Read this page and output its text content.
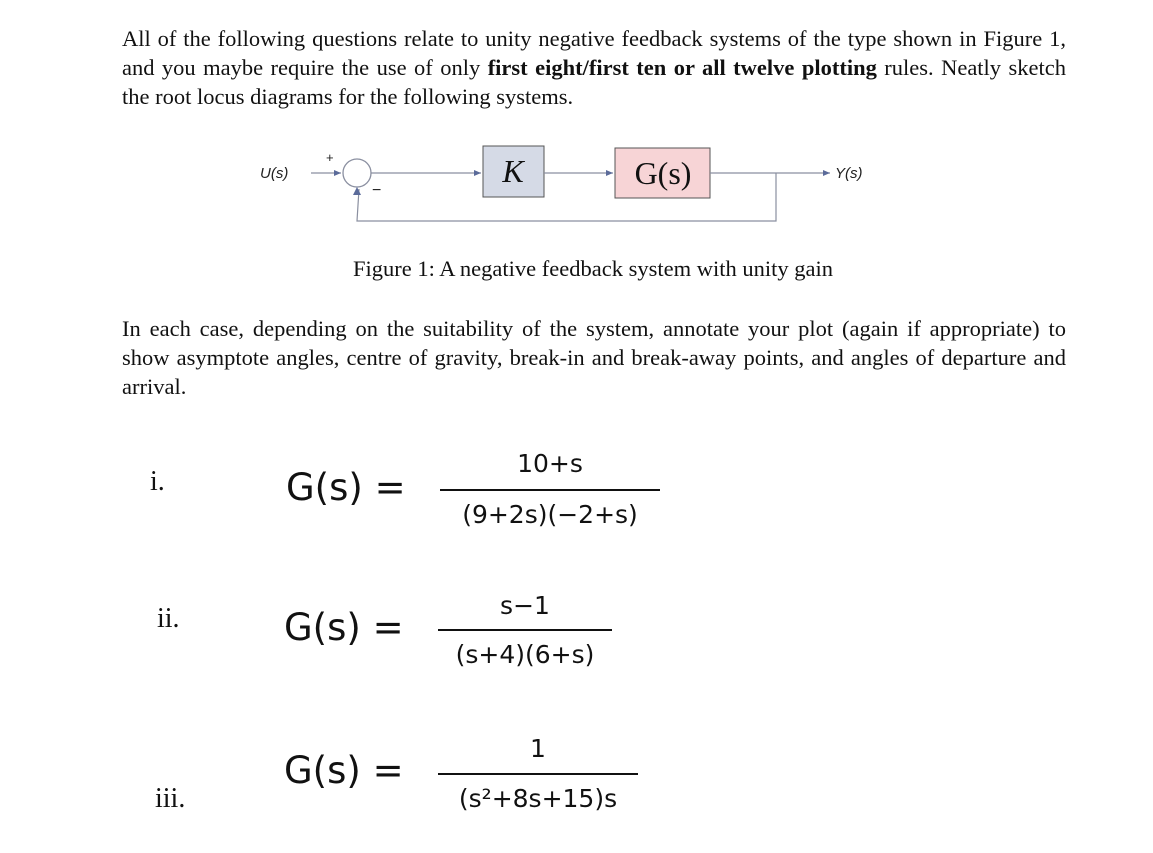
All of the following questions relate to unity negative feedback systems of the type shown in Figure 1, and you maybe require the use of only first eight/first ten or all twelve plotting rules. Neatly sketch the root locus diagrams for the following systems.
U(s)
+
−
K	G(s)	Y(s)
Figure 1: A negative feedback system with unity gain
In each case, depending on the suitability of the system, annotate your plot (again if appropriate) to show asymptote angles, centre of gravity, break-in and break-away points, and angles of departure and arrival.
i.	G(s) =
10+s
(9+2s)(−2+s)
ii.	G(s) =
s−1
(s+4)(6+s)
iii.
G(s) =
1
(s²+8s+15)s
